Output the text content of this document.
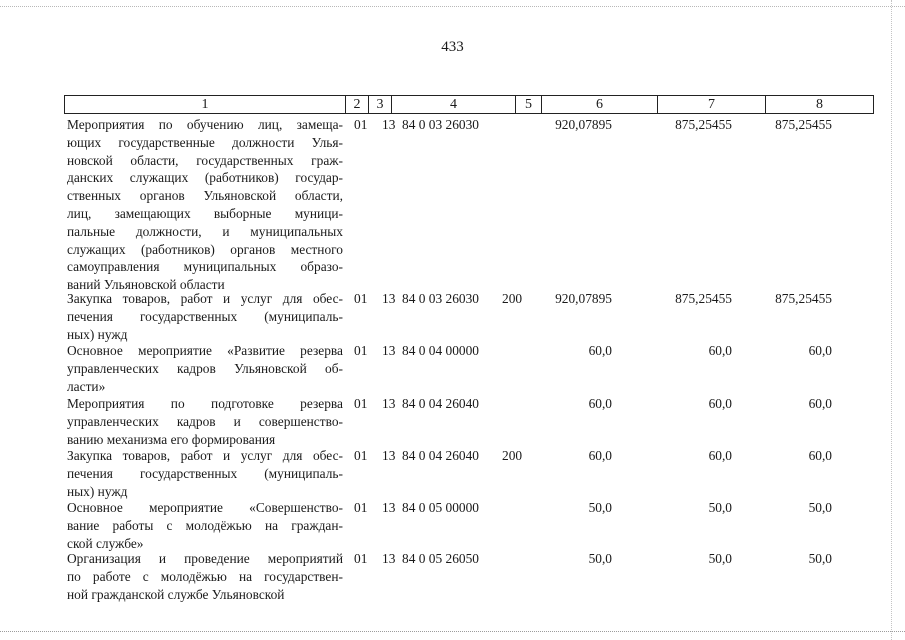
433
1	2	3	4	5	6	7	8
Мероприятия по обучению лиц, замеща-
ющих государственные должности Улья-
новской области, государственных граж-
данских служащих (работников) государ-
ственных органов Ульяновской области,
лиц, замещающих выборные муници-
пальные должности, и муниципальных
служащих (работников) органов местного
самоуправления муниципальных образо-
ваний Ульяновской области
01 13 84 0 03 26030	920,07895	875,25455	875,25455
Закупка товаров, работ и услуг для обес-
печения государственных (муниципаль-
ных) нужд
01 13 84 0 03 26030 200	920,07895	875,25455	875,25455
Основное мероприятие «Развитие резерва
управленческих кадров Ульяновской об-
ласти»
01 13 84 0 04 00000	60,0	60,0	60,0
Мероприятия по подготовке резерва
управленческих кадров и совершенство-
ванию механизма его формирования
01 13 84 0 04 26040	60,0	60,0	60,0
Закупка товаров, работ и услуг для обес-
печения государственных (муниципаль-
ных) нужд
01 13 84 0 04 26040 200	60,0	60,0	60,0
Основное мероприятие «Совершенство-
вание работы с молодёжью на граждан-
ской службе»
01 13 84 0 05 00000	50,0	50,0	50,0
Организация и проведение мероприятий
по работе с молодёжью на государствен-
ной гражданской службе Ульяновской
01 13 84 0 05 26050	50,0	50,0	50,0
